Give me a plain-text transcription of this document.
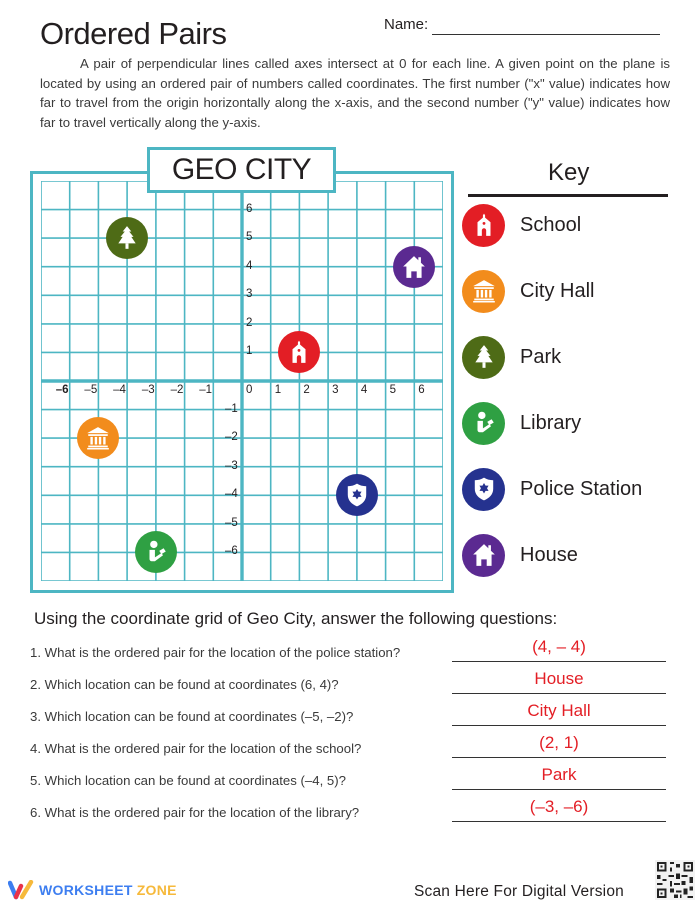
Ordered Pairs	Name:
A pair of perpendicular lines called axes intersect at 0 for each line. A given point on the plane is located by using an ordered pair of numbers called coordinates. The first number ("x" value) indicates how far to travel from the origin horizontally along the x-axis, and the second number ("y" value) indicates how far to travel vertically along the y-axis.
–6 –5 –4 –3 –2 –1	0 1 2 3 4 5 6
6
5
4
3
2
1
–1
–2
–3
–4
–5
–6
GEO CITY	Key
School
City Hall
Park
Library
Police Station
House
Using the coordinate grid of Geo City, answer the following questions:
1. What is the ordered pair for the location of the police station?	(4, – 4)
2. Which location can be found at coordinates (6, 4)?	House
3. Which location can be found at coordinates (–5, –2)?	City Hall
4. What is the ordered pair for the location of the school?	(2, 1)
5. Which location can be found at coordinates (–4, 5)?	Park
6. What is the ordered pair for the location of the library?	(–3, –6)
WORKSHEET ZONE	Scan Here For Digital Version
